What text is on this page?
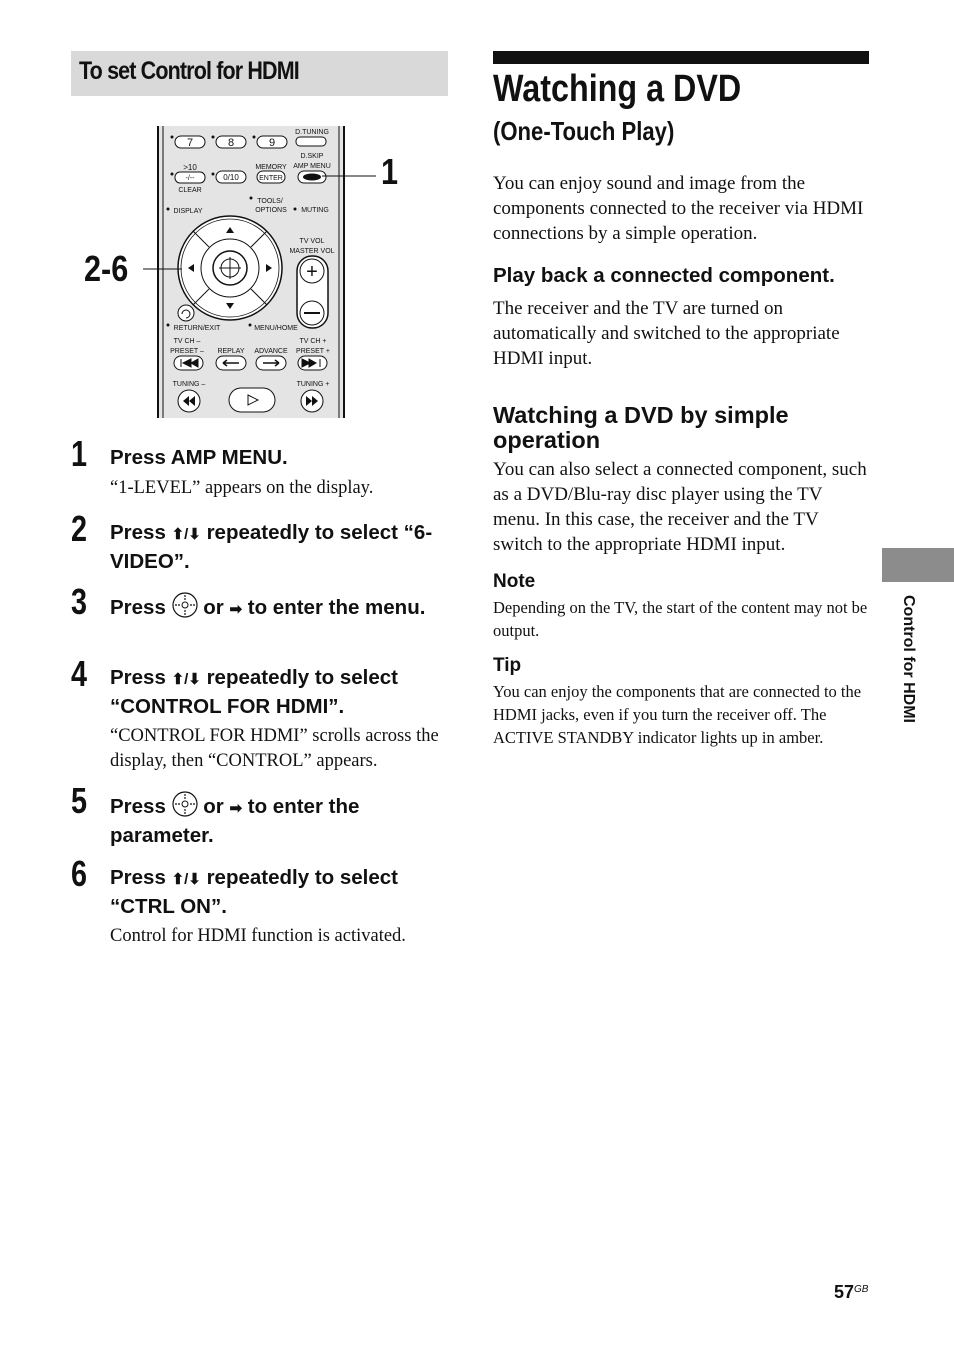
To set Control for HDMI
D.TUNING
7	8	9
D.SKIP
MEMORY AMP MENU
>10
-/--	0/10	ENTER
CLEAR
TOOLS/
DISPLAY	OPTIONS MUTING
TV VOL
MASTER VOL
+
RETURN/EXIT	MENU/HOME
TV CH –	TV CH +
PRESET – REPLAY ADVANCE PRESET +
TUNING –	TUNING +
1
2-6
1 Press AMP MENU.
“1-LEVEL” appears on the display.
2 Press ⬆/⬇ repeatedly to select “6-VIDEO”.
3 Press  or ➡ to enter the menu.
4 Press ⬆/⬇ repeatedly to select “CONTROL FOR HDMI”.
“CONTROL FOR HDMI” scrolls across the display, then “CONTROL” appears.
5 Press  or ➡ to enter the parameter.
6 Press ⬆/⬇ repeatedly to select “CTRL ON”.
Control for HDMI function is activated.
Watching a DVD
(One-Touch Play)
You can enjoy sound and image from the components connected to the receiver via HDMI connections by a simple operation.
Play back a connected component.
The receiver and the TV are turned on automatically and switched to the appropriate HDMI input.
Watching a DVD by simple
operation
You can also select a connected component, such as a DVD/Blu-ray disc player using the TV menu. In this case, the receiver and the TV switch to the appropriate HDMI input.
Note
Depending on the TV, the start of the content may not be output.
Tip
You can enjoy the components that are connected to the HDMI jacks, even if you turn the receiver off. The ACTIVE STANDBY indicator lights up in amber.
Control for HDMI
$57^{GB}$
